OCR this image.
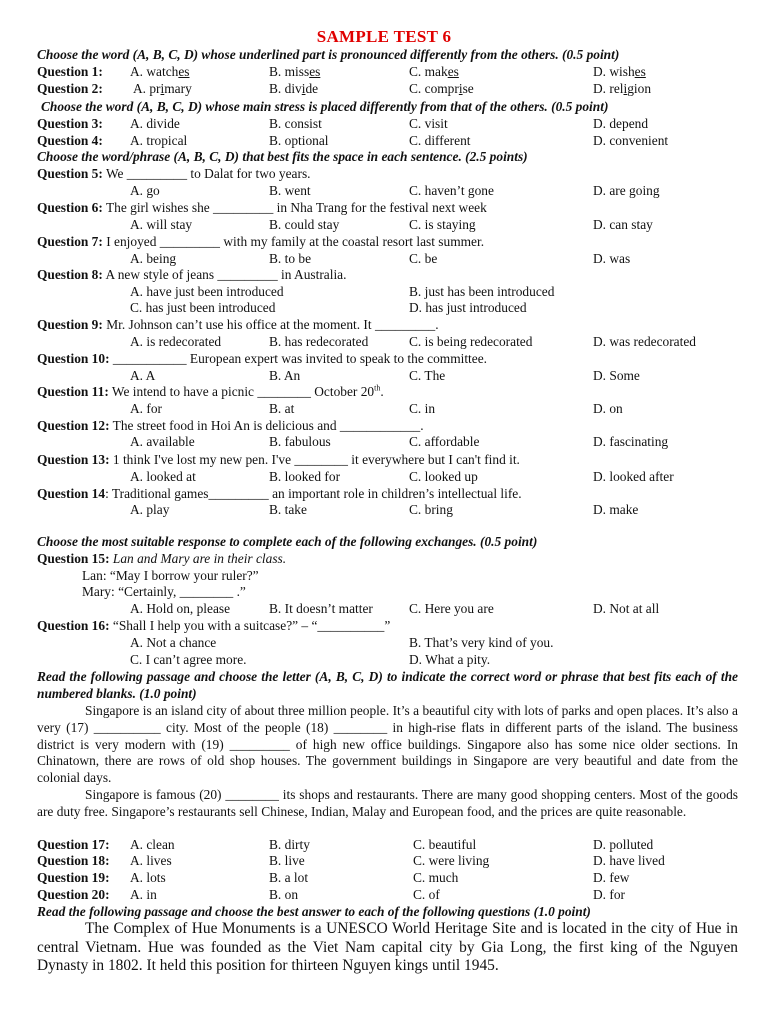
SAMPLE TEST 6
Choose the word (A, B, C, D) whose underlined part is pronounced differently from the others. (0.5 point)
Question 1: A. watches	B. misses	C. makes	D. wishes
Question 2: A. primary	B. divide	C. comprise	D. religion
Choose the word (A, B, C, D) whose main stress is placed differently from that of the others. (0.5 point)
Question 3: A. divide	B. consist	C. visit	D. depend
Question 4: A. tropical	B. optional	C. different	D. convenient
Choose the word/phrase (A, B, C, D) that best fits the space in each sentence. (2.5 points)
Question 5: We _________ to Dalat for two years.
A. go	B. went	C. haven’t gone	D. are going
Question 6: The girl wishes she _________ in Nha Trang for the festival next week
A. will stay	B. could stay	C. is staying	D. can stay
Question 7: I enjoyed _________ with my family at the coastal resort last summer.
A. being	B. to be	C. be	D. was
Question 8: A new style of jeans _________ in Australia.
A. have just been introduced	B. just has been introduced
C. has just been introduced	D. has just introduced
Question 9: Mr. Johnson can’t use his office at the moment. It _________.
A. is redecorated	B. has redecorated	C. is being redecorated	D. was redecorated
Question 10: ___________ European expert was invited to speak to the committee.
A. A	B. An	C. The	D. Some
Question 11: We intend to have a picnic ________ October 20th.
A. for	B. at	C. in	D. on
Question 12: The street food in Hoi An is delicious and ____________.
A. available	B. fabulous	C. affordable	D. fascinating
Question 13: 1 think I've lost my new pen. I've ________ it everywhere but I can't find it.
A. looked at	B. looked for	C. looked up	D. looked after
Question 14: Traditional games_________ an important role in children’s intellectual life.
A. play	B. take	C. bring	D. make
Choose the most suitable response to complete each of the following exchanges. (0.5 point)
Question 15: Lan and Mary are in their class.
Lan: “May I borrow your ruler?”
Mary: “Certainly, ________ .”
A. Hold on, please	B. It doesn’t matter	C. Here you are	D. Not at all
Question 16: “Shall I help you with a suitcase?” – “__________”
A. Not a chance	B. That’s very kind of you.
C. I can’t agree more.	D. What a pity.
Read the following passage and choose the letter (A, B, C, D) to indicate the correct word or phrase that best fits each of the numbered blanks. (1.0 point)
Singapore is an island city of about three million people. It’s a beautiful city with lots of parks and open places. It’s also a very (17) __________ city. Most of the people (18) ________ in high-rise flats in different parts of the island. The business district is very modern with (19) _________ of high new office buildings. Singapore also has some nice older sections. In Chinatown, there are rows of old shop houses. The government buildings in Singapore are very beautiful and date from the colonial days.
Singapore is famous (20) ________ its shops and restaurants. There are many good shopping centers. Most of the goods are duty free. Singapore’s restaurants sell Chinese, Indian, Malay and European food, and the prices are quite reasonable.
Question 17: A. clean	B. dirty	C. beautiful	D. polluted
Question 18: A. lives	B. live	C. were living	D. have lived
Question 19: A. lots	B. a lot	C. much	D. few
Question 20: A. in	B. on	C. of	D. for
Read the following passage and choose the best answer to each of the following questions (1.0 point)
The Complex of Hue Monuments is a UNESCO World Heritage Site and is located in the city of Hue in central Vietnam. Hue was founded as the Viet Nam capital city by Gia Long, the first king of the Nguyen Dynasty in 1802. It held this position for thirteen Nguyen kings until 1945.
